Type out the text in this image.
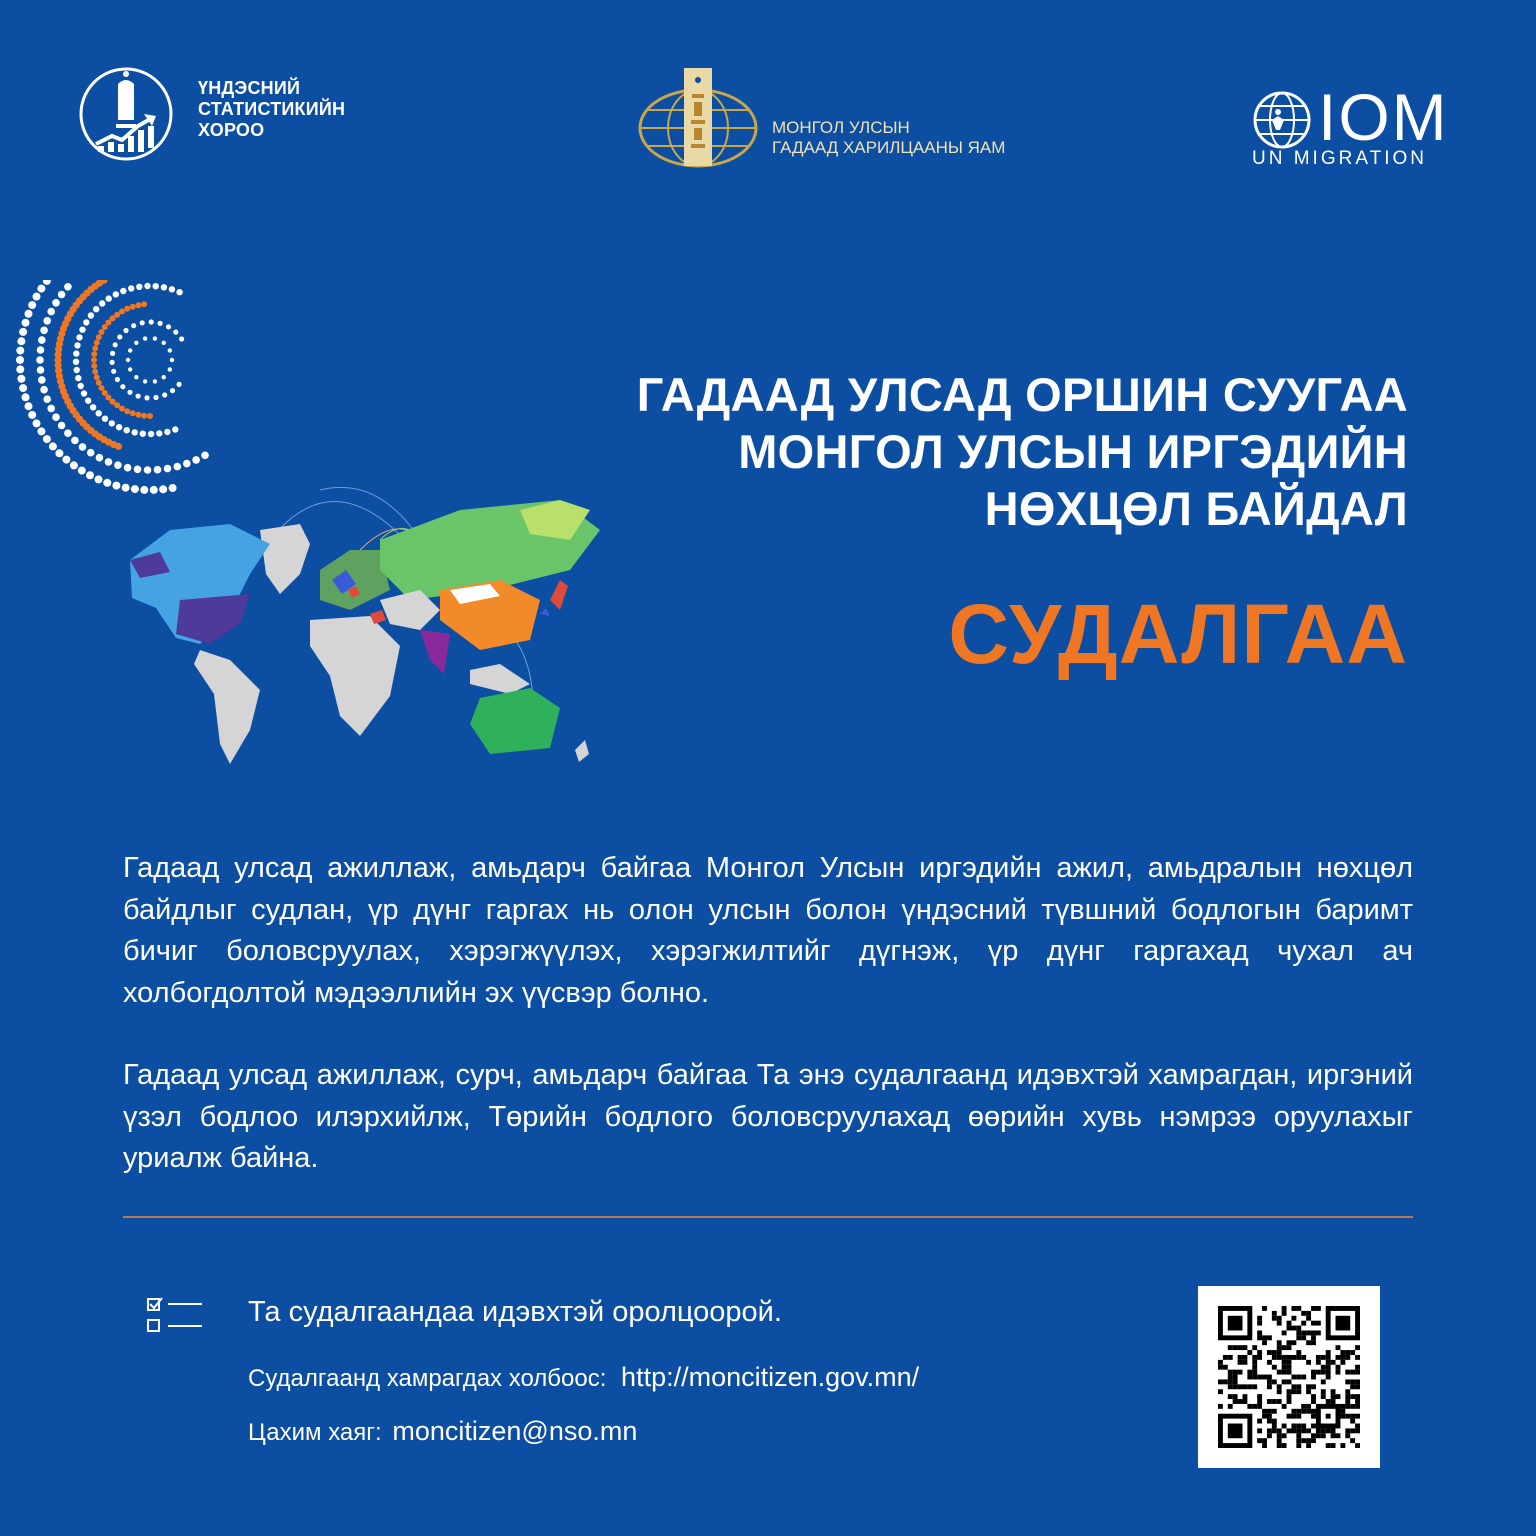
ҮНДЭСНИЙ
СТАТИСТИКИЙН
ХОРОО	МОНГОЛ УЛСЫН
ГАДААД ХАРИЛЦААНЫ ЯАМ	IOM
UN MIGRATION
ГАДААД УЛСАД ОРШИН СУУГАА
МОНГОЛ УЛСЫН ИРГЭДИЙН
НӨХЦӨЛ БАЙДАЛ
СУДАЛГАА
Гадаад улсад ажиллаж, амьдарч байгаа Монгол Улсын иргэдийн ажил, амьдралын нөхцөл байдлыг судлан, үр дүнг гаргах нь олон улсын болон үндэсний түвшний бодлогын баримт бичиг боловсруулах, хэрэгжүүлэх, хэрэгжилтийг дүгнэж, үр дүнг гаргахад чухал ач холбогдолтой мэдээллийн эх үүсвэр болно.
Гадаад улсад ажиллаж, сурч, амьдарч байгаа Та энэ судалгаанд идэвхтэй хамрагдан, иргэний үзэл бодлоо илэрхийлж, Төрийн бодлого боловсруулахад өөрийн хувь нэмрээ оруулахыг уриалж байна.
Та судалгаандаа идэвхтэй оролцоорой.
Судалгаанд хамрагдах холбоос: http://moncitizen.gov.mn/
Цахим хаяг: moncitizen@nso.mn
